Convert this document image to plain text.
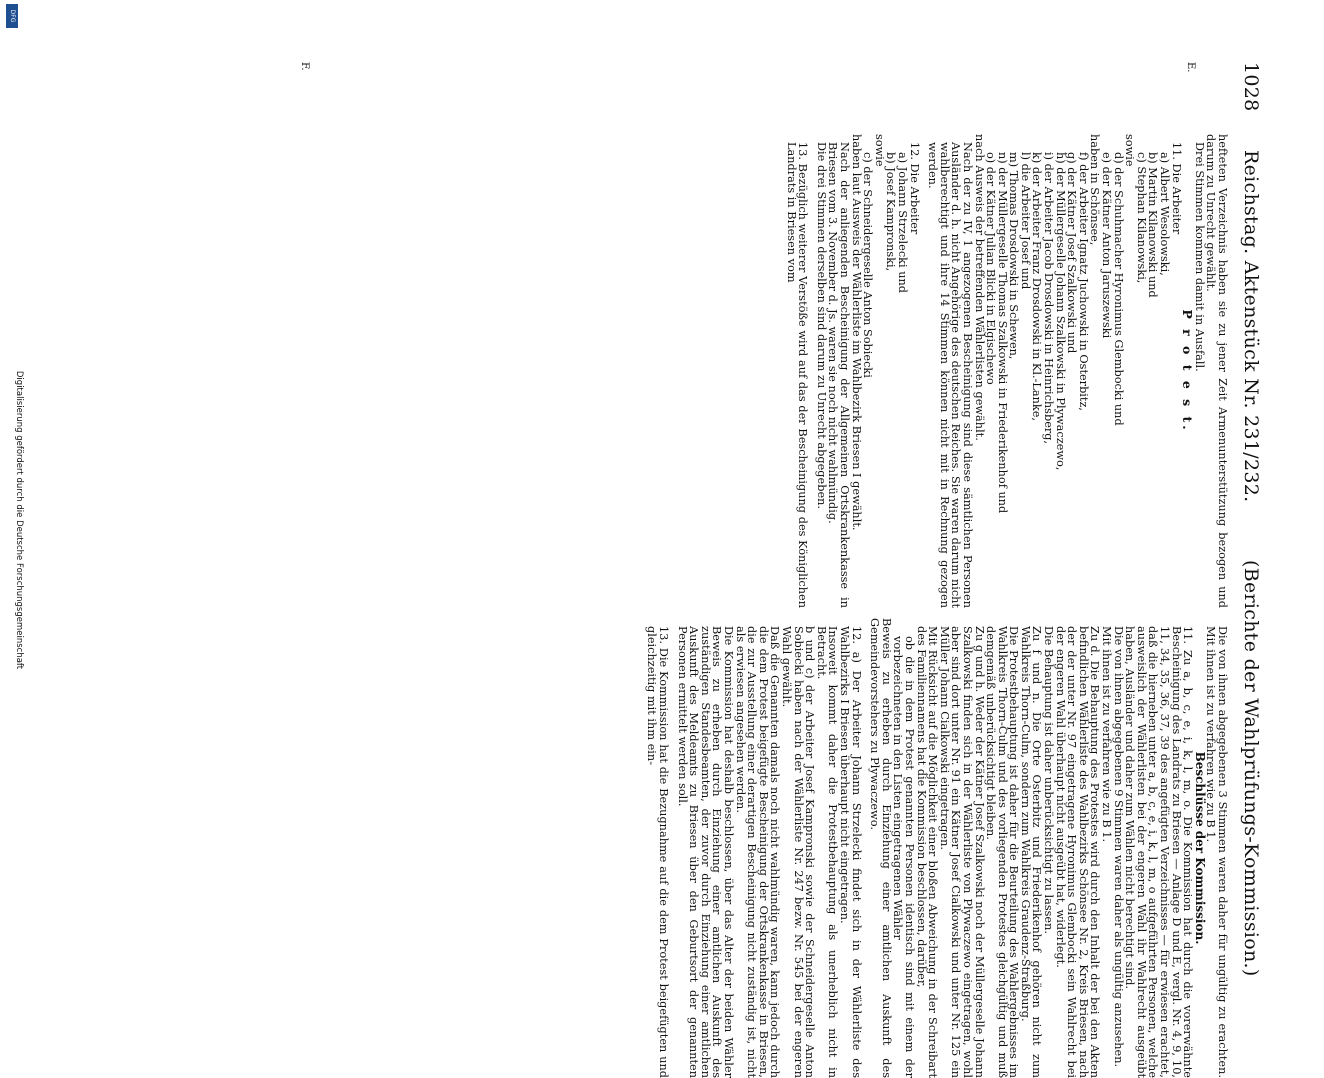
1028
Reichstag. Aktenstück Nr. 231/232.
(Berichte der Wahlprüfungs-Kommission.)
E.
F.

hefteten Verzeichnis haben sie zu jener Zeit Armenunterstützung bezogen und darum zu Unrecht gewählt.

Drei Stimmen kommen damit in Ausfall.

P r o t e s t.

11. Die Arbeiter

a) Albert Wesolowski,

b) Martin Kilanowski und

c) Stephan Kilanowski,

sowie

d) der Schuhmacher Hyronimus Glembocki und

e) der Kätner Anton Jaruszewski

haben in Schönsee,

f) der Arbeiter Ignatz Juchowski in Osterbitz,

g) der Kätner Josef Szalkowski und

h) der Müllergeselle Johann Szalkowski in Plywaczewo,

i) der Arbeiter Jacob Drosdowski in Heinrichsberg,

k) der Arbeiter Franz Drosdowski in Kl.-Lanke,

l) die Arbeiter Josef und

m) Thomas Drosdowski in Schewen,

n) der Müllergeselle Thomas Szalkowski in Friederikenhof und

o) der Kätner Julian Blicki in Elgischewo

nach Ausweis der betreffenden Wählerlisten gewählt.

Nach der zu IV, 1 angezogenen Bescheinigung sind diese sämtlichen Personen Ausländer d. h. nicht Angehörige des deutschen Reiches. Sie waren darum nicht wahlberechtigt und ihre 14 Stimmen können nicht mit in Rechnung gezogen werden.

12. Die Arbeiter

a) Johann Strzelecki und

b) Josef Kampronski,

sowie

c) der Schneidergeselle Anton Sobiecki

haben laut Ausweis der Wählerliste im Wahlbezirk Briesen I gewählt.

Nach der anliegenden Bescheinigung der Allgemeinen Ortskrankenkasse in Briesen vom 3. November d. Js. waren sie noch nicht wahlmündig.

Die drei Stimmen derselben sind darum zu Unrecht abgegeben.

13. Bezüglich weiterer Verstöße wird auf das der Bescheinigung des Königlichen Landrats in Briesen vom

Die von ihnen abgegebenen 3 Stimmen waren daher für ungültig zu erachten. Mit ihnen ist zu verfahren wie zu B 1.

Beschlüsse der Kommission.

11. Zu a, b, c, e, i, k, l, m, o. Die Kommission hat durch die vorerwähnte Bescheinigung des Landrats zu Briesen — Anlage D und E, vergl. Nr. 4, 9, 10, 11, 34, 35, 36, 37, 39 des angefügten Verzeichnisses — für erwiesen erachtet, daß die hierneben unter a, b, c, e, i, k, l, m, o aufgeführten Personen, welche ausweislich der Wählerlisten bei der engeren Wahl ihr Wahlrecht ausgeübt haben, Ausländer und daher zum Wählen nicht berechtigt sind.

Die von ihnen abgegebenen 9 Stimmen waren daher als ungültig anzusehen.

Mit ihnen ist zu verfahren wie zu B 1.

Zu d. Die Behauptung des Protestes wird durch den Inhalt der bei den Akten befindlichen Wählerliste des Wahlbezirks Schönsee Nr. 2, Kreis Briesen, nach der der unter Nr. 97 eingetragene Hyronimus Glembocki sein Wahlrecht bei der engeren Wahl überhaupt nicht ausgeübt hat, widerlegt.

Die Behauptung ist daher unberücksichtigt zu lassen.

Zu f und n. Die Orte Osterbitz und Friederikenhof gehören nicht zum Wahlkreis Thorn-Culm, sondern zum Wahlkreis Graudenz-Straßburg.

Die Protestbehauptung ist daher für die Beurteilung des Wahlergebnisses im Wahlkreis Thorn-Culm und des vorliegenden Protestes gleichgültig und muß demgemäß unberücksichtigt bleiben.

Zu g und h. Weder der Kätner Josef Szalkowski noch der Müllergeselle Johann Szalkowski finden sich in der Wählerliste von Plywaczewo eingetragen, wohl aber sind dort unter Nr. 91 ein Kätner Josef Cialkowski und unter Nr. 125 ein Müller Johann Cialkowski eingetragen.

Mit Rücksicht auf die Möglichkeit einer bloßen Abweichung in der Schreibart des Familiennamens hat die Kommission beschlossen, darüber,

ob die in dem Protest genannten Personen identisch sind mit einem der vorbezeichneten in den Listen eingetragenen Wähler

Beweis zu erheben durch Einziehung einer amtlichen Auskunft des Gemeindevorstehers zu Plywaczewo.

12. a) Der Arbeiter Johann Strzelecki findet sich in der Wählerliste des Wahlbezirks I Briesen überhaupt nicht eingetragen.

Insoweit kommt daher die Protestbehauptung als unerheblich nicht in Betracht.

b und c) der Arbeiter Josef Kampronski sowie der Schneidergeselle Anton Sobiecki haben nach der Wählerliste Nr. 247 bezw. Nr. 545 bei der engeren Wahl gewählt.

Daß die Genannten damals noch nicht wahlmündig waren, kann jedoch durch die dem Protest beigefügte Bescheinigung der Ortskrankenkasse in Briesen, die zur Ausstellung einer derartigen Bescheinigung nicht zuständig ist, nicht als erwiesen angesehen werden.

Die Kommission hat deshalb beschlossen, über das Alter der beiden Wähler Beweis zu erheben durch Einziehung einer amtlichen Auskunft des zuständigen Standesbeamten, der zuvor durch Einziehung einer amtlichen Auskunft des Meldeamts zu Briesen über den Geburtsort der genannten Personen ermittelt werden soll.

13. Die Kommission hat die Bezugnahme auf die dem Protest beigefügten und gleichzeitig mit ihm ein-

Digitalisierung gefördert durch die Deutsche Forschungsgemeinschaft
DFG
